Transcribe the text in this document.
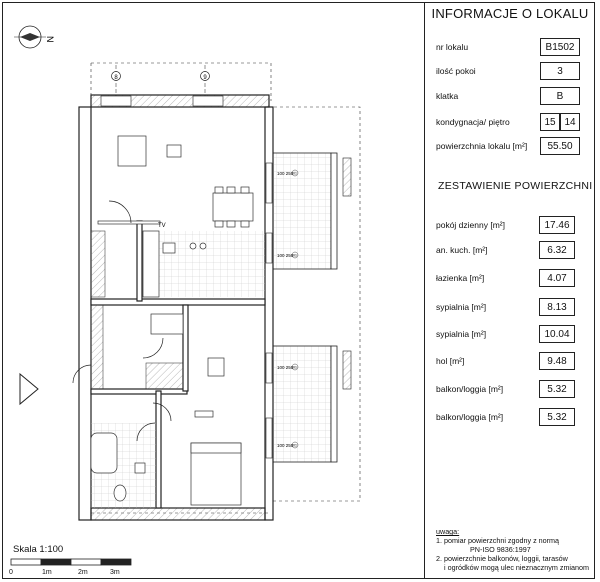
N
8	9
TV
100 250 01
100 250 01
100 250 01
100 250 01
INFORMACJE O LOKALU
nr lokalu	B1502
ilość pokoi	3
klatka	B
kondygnacja/ piętro	15 14
powierzchnia lokalu [m²]	55.50
ZESTAWIENIE POWIERZCHNI
pokój dzienny [m²]	17.46
an. kuch. [m²]	6.32
łazienka [m²]	4.07
sypialnia [m²]	8.13
sypialnia [m²]	10.04
hol [m²]	9.48
balkon/loggia [m²]	5.32
balkon/loggia [m²]	5.32
uwaga:
1. pomiar powierzchni zgodny z normą
PN-ISO 9836:1997
2. powierzchnie balkonów, loggii, tarasów
i ogródków mogą ulec nieznacznym zmianom
Skala 1:100
0	1m	2m	3m
